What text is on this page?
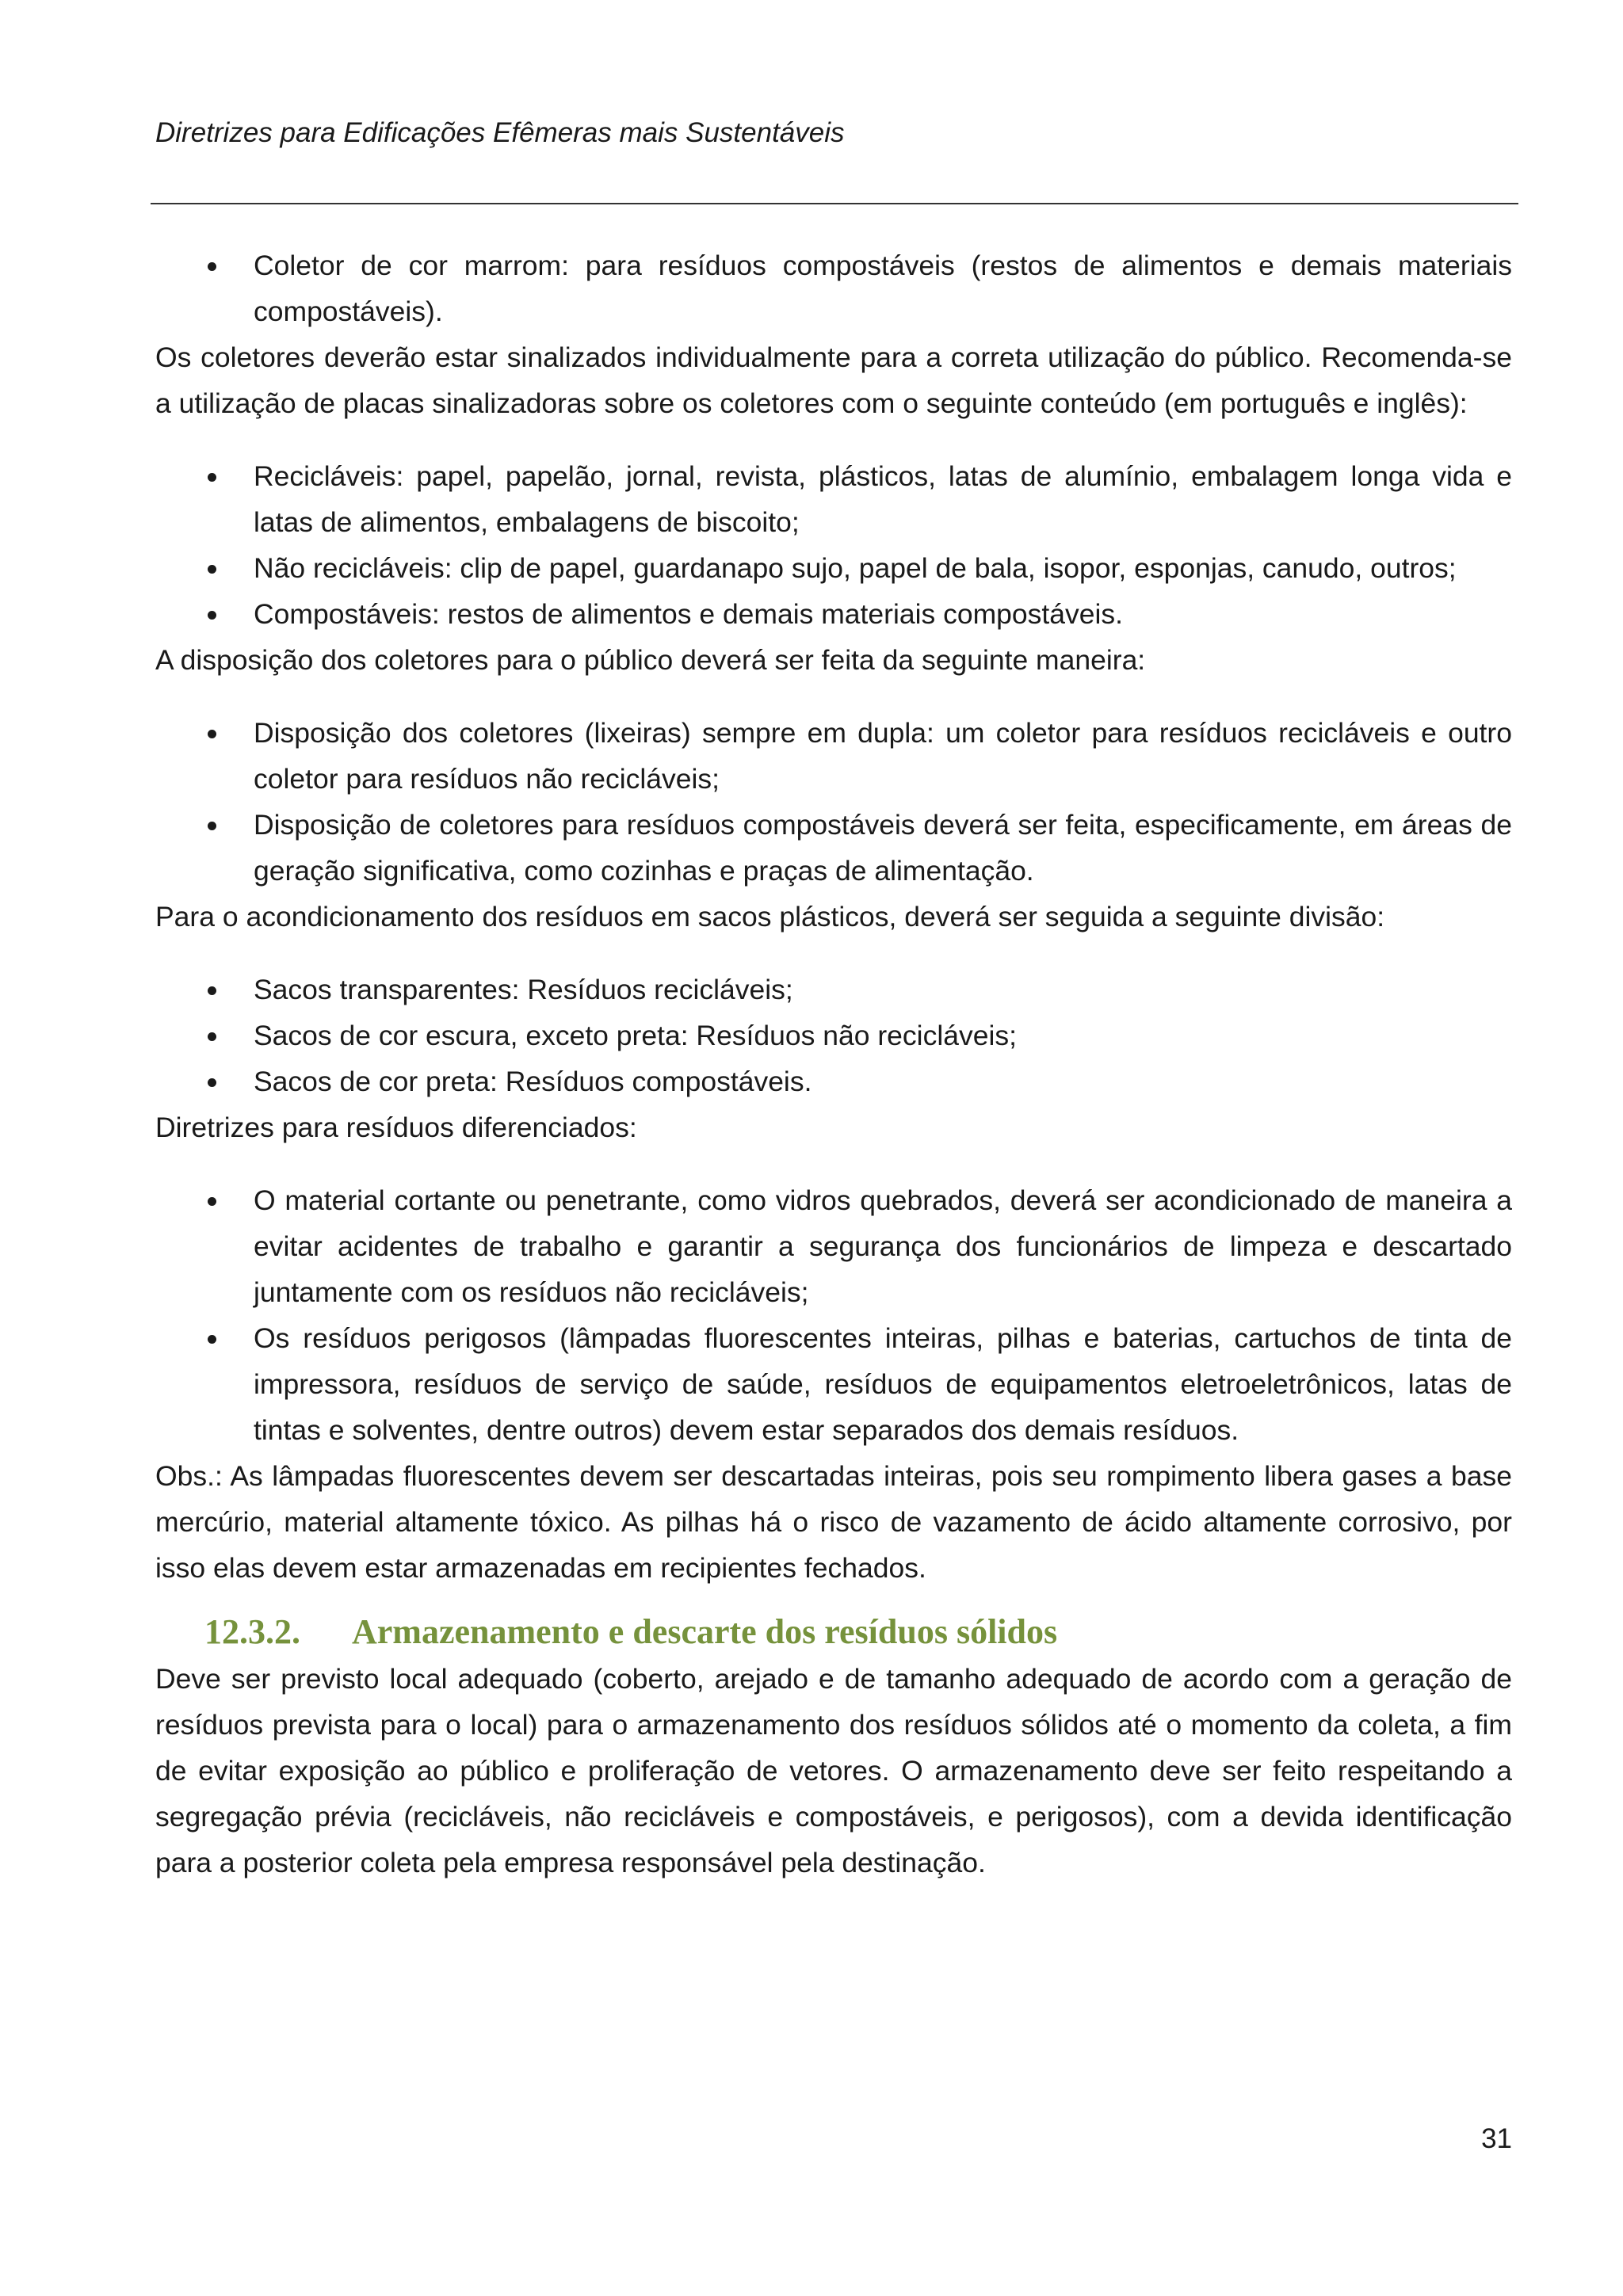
Diretrizes para Edificações Efêmeras mais Sustentáveis
Coletor de cor marrom: para resíduos compostáveis (restos de alimentos e demais materiais compostáveis).

Os coletores deverão estar sinalizados individualmente para a correta utilização do público. Recomenda-se a utilização de placas sinalizadoras sobre os coletores com o seguinte conteúdo (em português e inglês):

Recicláveis: papel, papelão, jornal, revista, plásticos, latas de alumínio, embalagem longa vida e latas de alimentos, embalagens de biscoito;
Não recicláveis: clip de papel, guardanapo sujo, papel de bala, isopor, esponjas, canudo, outros;
Compostáveis: restos de alimentos e demais materiais compostáveis.

A disposição dos coletores para o público deverá ser feita da seguinte maneira:

Disposição dos coletores (lixeiras) sempre em dupla: um coletor para resíduos recicláveis e outro coletor para resíduos não recicláveis;
Disposição de coletores para resíduos compostáveis deverá ser feita, especificamente, em áreas de geração significativa, como cozinhas e praças de alimentação.

Para o acondicionamento dos resíduos em sacos plásticos, deverá ser seguida a seguinte divisão:

Sacos transparentes: Resíduos recicláveis;
Sacos de cor escura, exceto preta: Resíduos não recicláveis;
Sacos de cor preta: Resíduos compostáveis.

Diretrizes para resíduos diferenciados:

O material cortante ou penetrante, como vidros quebrados, deverá ser acondicionado de maneira a evitar acidentes de trabalho e garantir a segurança dos funcionários de limpeza e descartado juntamente com os resíduos não recicláveis;
Os resíduos perigosos (lâmpadas fluorescentes inteiras, pilhas e baterias, cartuchos de tinta de impressora, resíduos de serviço de saúde, resíduos de equipamentos eletroeletrônicos, latas de tintas e solventes, dentre outros) devem estar separados dos demais resíduos.

Obs.: As lâmpadas fluorescentes devem ser descartadas inteiras, pois seu rompimento libera gases a base mercúrio, material altamente tóxico. As pilhas há o risco de vazamento de ácido altamente corrosivo, por isso elas devem estar armazenadas em recipientes fechados.

12.3.2. Armazenamento e descarte dos resíduos sólidos

Deve ser previsto local adequado (coberto, arejado e de tamanho adequado de acordo com a geração de resíduos prevista para o local) para o armazenamento dos resíduos sólidos até o momento da coleta, a fim de evitar exposição ao público e proliferação de vetores. O armazenamento deve ser feito respeitando a segregação prévia (recicláveis, não recicláveis e compostáveis, e perigosos), com a devida identificação para a posterior coleta pela empresa responsável pela destinação.

31
